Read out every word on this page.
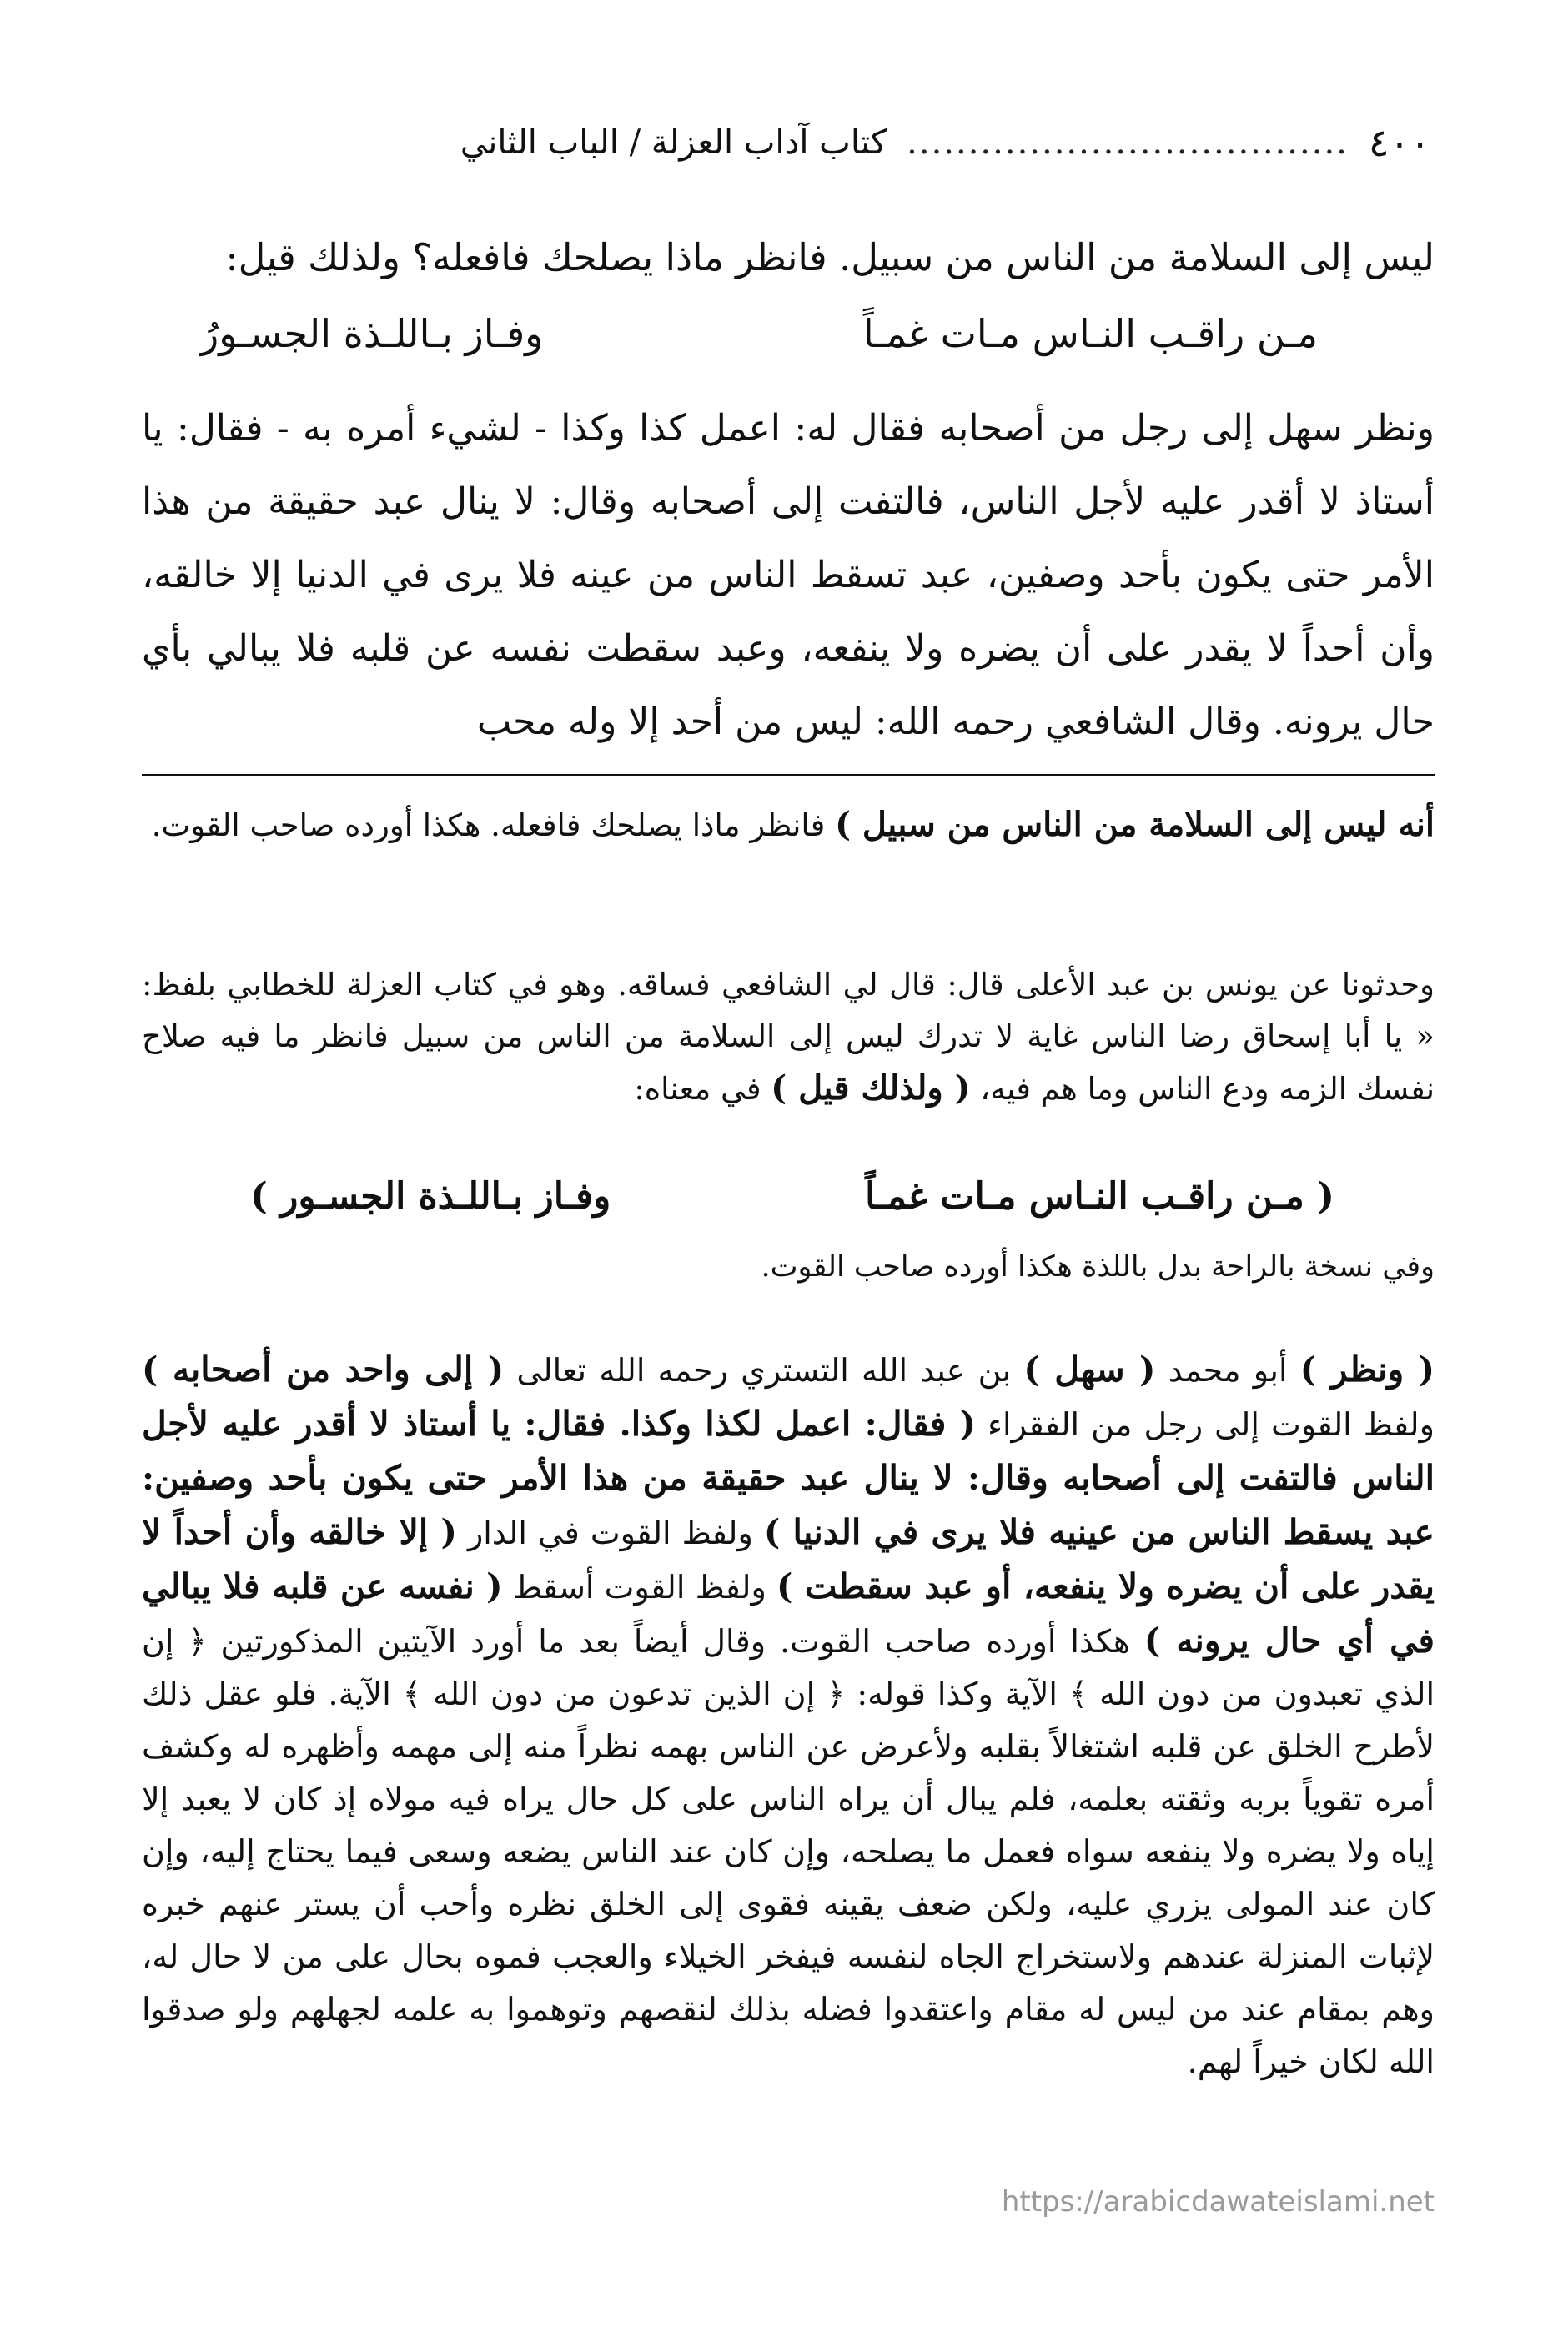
٤٠٠
....................................
كتاب آداب العزلة / الباب الثاني

ليس إلى السلامة من الناس من سبيل. فانظر ماذا يصلحك فافعله؟ ولذلك قيل:

مـن راقـب النـاس مـات غمـاً
وفـاز بـاللـذة الجسـورُ
ونظر سهل إلى رجل من أصحابه فقال له: اعمل كذا وكذا - لشيء أمره به - فقال: يا أستاذ لا أقدر عليه لأجل الناس، فالتفت إلى أصحابه وقال: لا ينال عبد حقيقة من هذا الأمر حتى يكون بأحد وصفين، عبد تسقط الناس من عينه فلا يرى في الدنيا إلا خالقه، وأن أحداً لا يقدر على أن يضره ولا ينفعه، وعبد سقطت نفسه عن قلبه فلا يبالي بأي حال يرونه. وقال الشافعي رحمه الله: ليس من أحد إلا وله محب
أنه ليس إلى السلامة من الناس من سبيل ) فانظر ماذا يصلحك فافعله. هكذا أورده صاحب القوت.
وحدثونا عن يونس بن عبد الأعلى قال: قال لي الشافعي فساقه. وهو في كتاب العزلة للخطابي بلفظ: « يا أبا إسحاق رضا الناس غاية لا تدرك ليس إلى السلامة من الناس من سبيل فانظر ما فيه صلاح نفسك الزمه ودع الناس وما هم فيه، ( ولذلك قيل ) في معناه:
( مـن راقـب النـاس مـات غمـاً
وفـاز بـاللـذة الجسـور )
وفي نسخة بالراحة بدل باللذة هكذا أورده صاحب القوت.
( ونظر ) أبو محمد ( سهل ) بن عبد الله التستري رحمه الله تعالى ( إلى واحد من أصحابه ) ولفظ القوت إلى رجل من الفقراء ( فقال: اعمل لكذا وكذا. فقال: يا أستاذ لا أقدر عليه لأجل الناس فالتفت إلى أصحابه وقال: لا ينال عبد حقيقة من هذا الأمر حتى يكون بأحد وصفين: عبد يسقط الناس من عينيه فلا يرى في الدنيا ) ولفظ القوت في الدار ( إلا خالقه وأن أحداً لا يقدر على أن يضره ولا ينفعه، أو عبد سقطت ) ولفظ القوت أسقط ( نفسه عن قلبه فلا يبالي في أي حال يرونه ) هكذا أورده صاحب القوت. وقال أيضاً بعد ما أورد الآيتين المذكورتين ﴿ إن الذي تعبدون من دون الله ﴾ الآية وكذا قوله: ﴿ إن الذين تدعون من دون الله ﴾ الآية. فلو عقل ذلك لأطرح الخلق عن قلبه اشتغالاً بقلبه ولأعرض عن الناس بهمه نظراً منه إلى مهمه وأظهره له وكشف أمره تقوياً بربه وثقته بعلمه، فلم يبال أن يراه الناس على كل حال يراه فيه مولاه إذ كان لا يعبد إلا إياه ولا يضره ولا ينفعه سواه فعمل ما يصلحه، وإن كان عند الناس يضعه وسعى فيما يحتاج إليه، وإن كان عند المولى يزري عليه، ولكن ضعف يقينه فقوى إلى الخلق نظره وأحب أن يستر عنهم خبره لإثبات المنزلة عندهم ولاستخراج الجاه لنفسه فيفخر الخيلاء والعجب فموه بحال على من لا حال له، وهم بمقام عند من ليس له مقام واعتقدوا فضله بذلك لنقصهم وتوهموا به علمه لجهلهم ولو صدقوا الله لكان خيراً لهم.
https://arabicdawateislami.net
